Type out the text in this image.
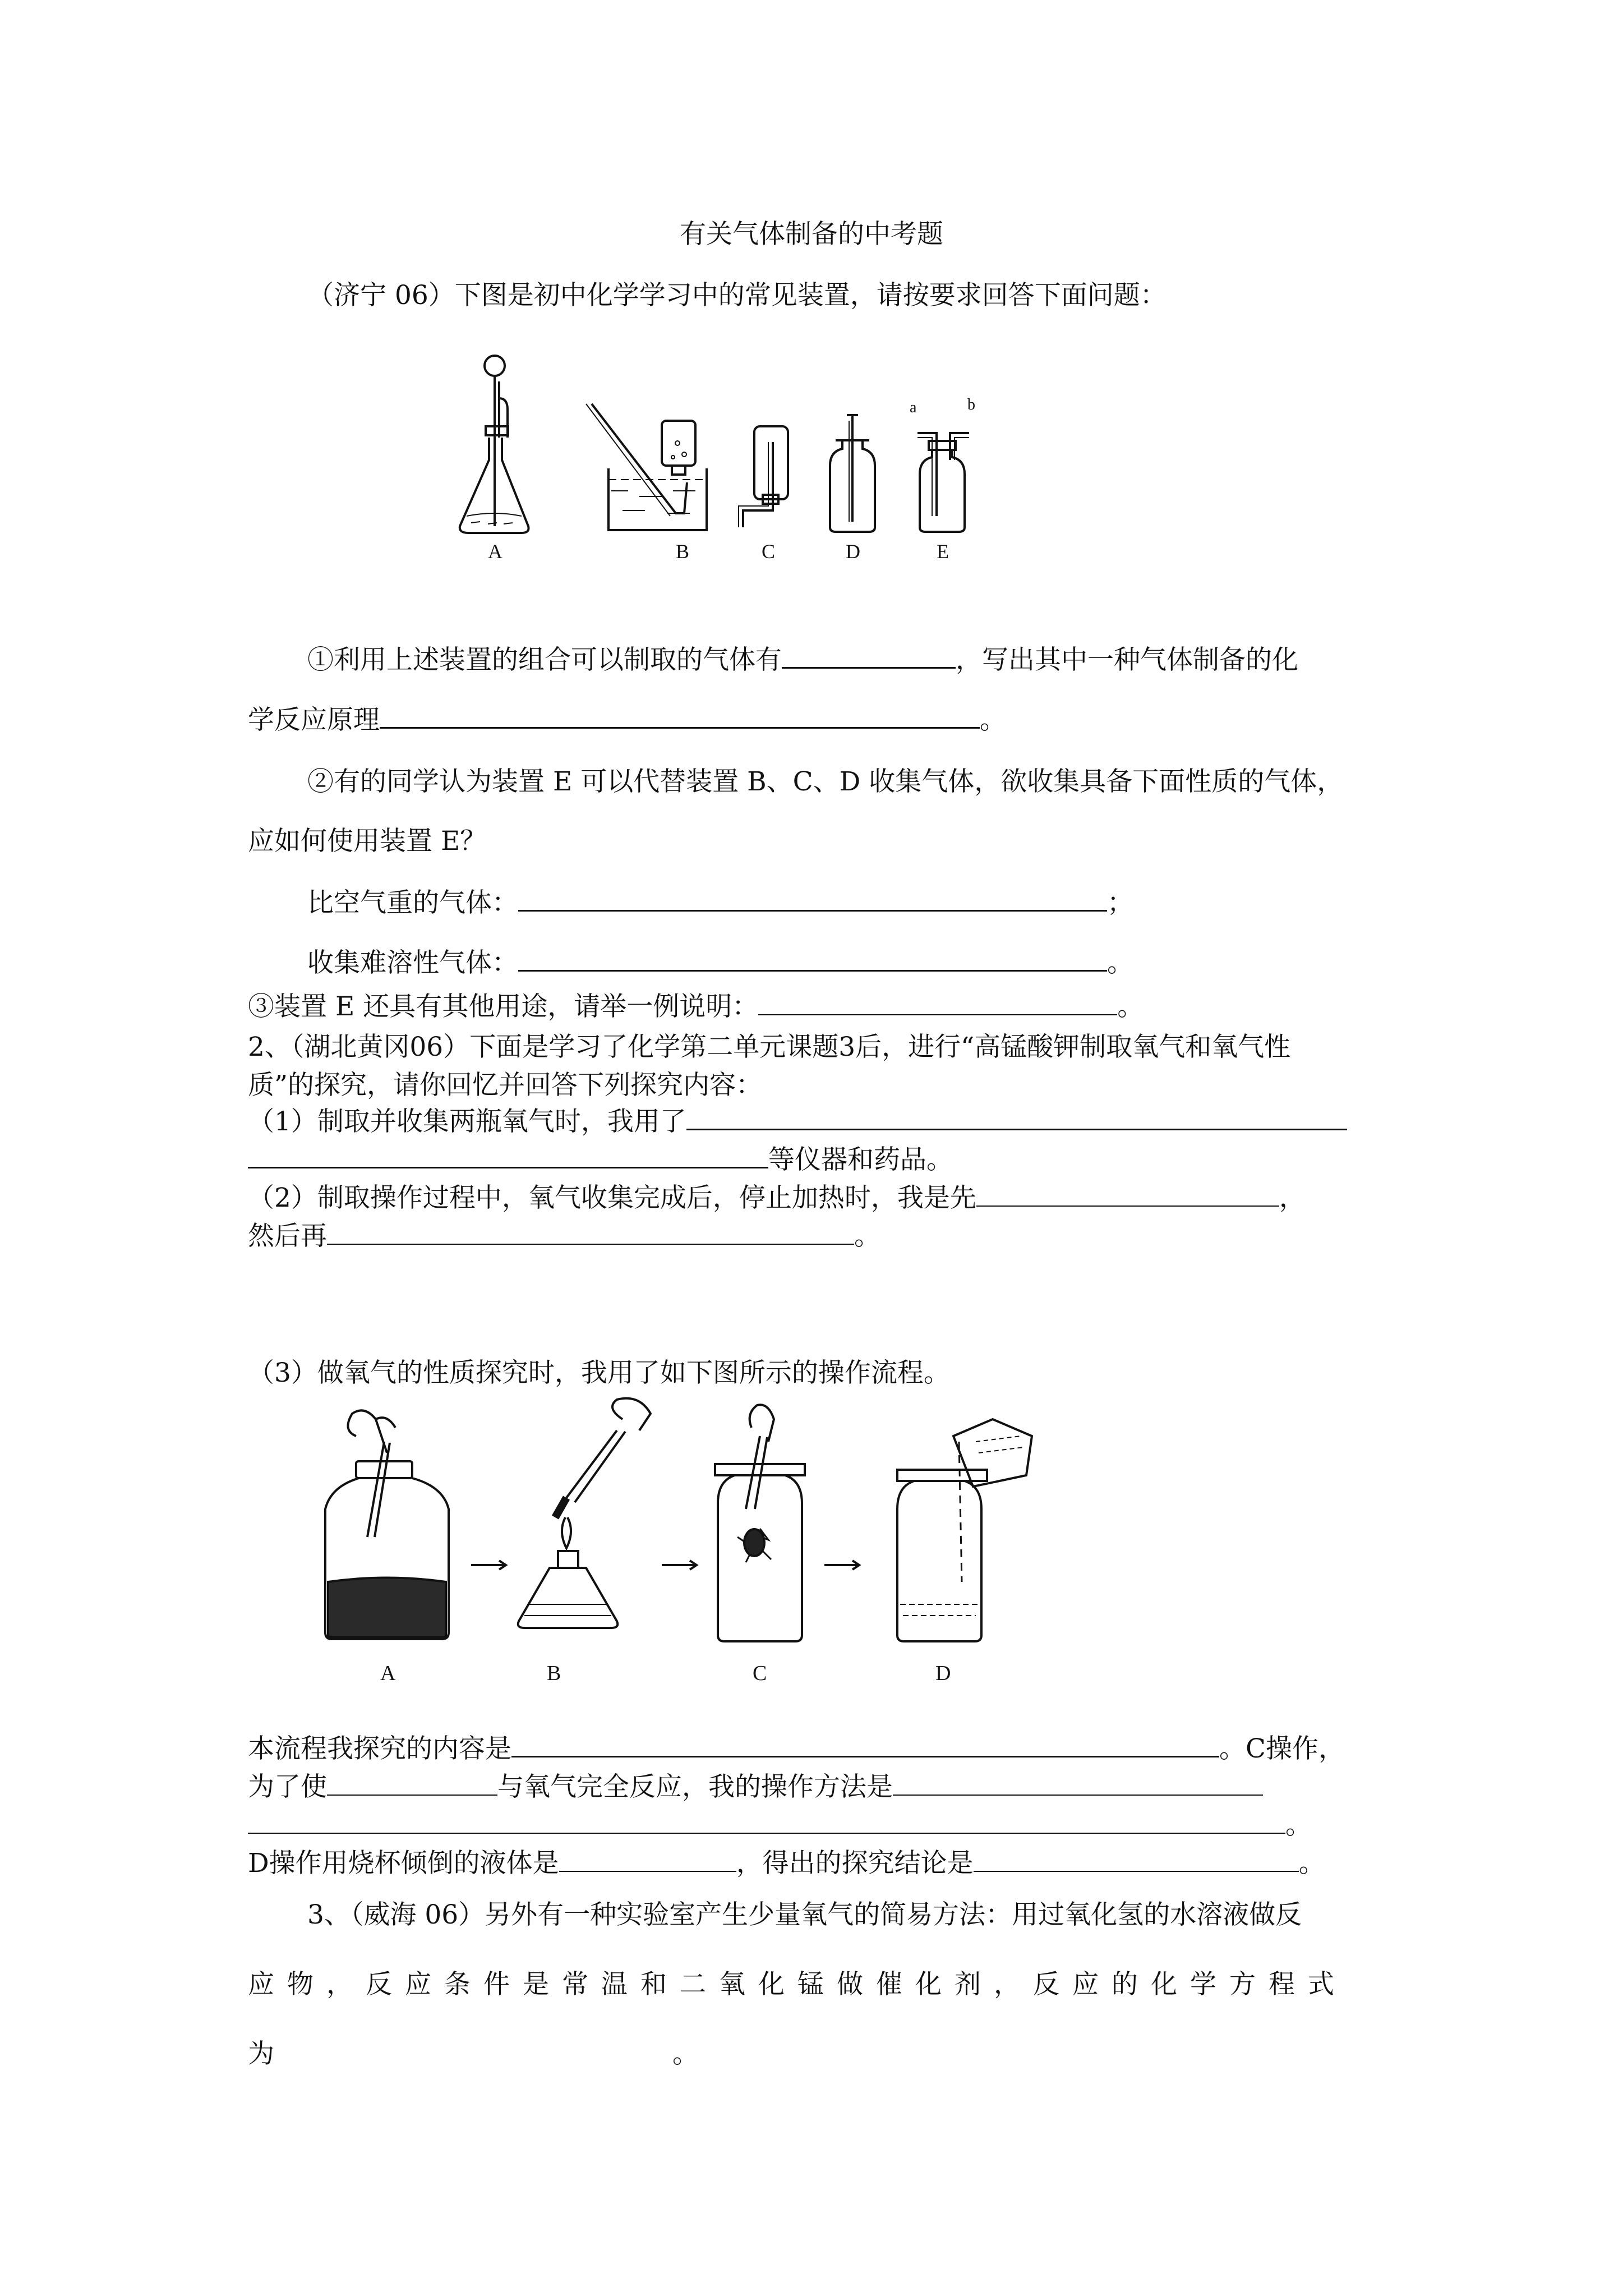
有关气体制备的中考题
（济宁 06）下图是初中化学学习中的常见装置，请按要求回答下面问题：
A	B	C	D	E
a	b
①利用上述装置的组合可以制取的气体有	，写出其中一种气体制备的化
学反应原理	。
②有的同学认为装置 E 可以代替装置 B、C、D 收集气体，欲收集具备下面性质的气体，
应如何使用装置 E？
比空气重的气体：	；
收集难溶性气体：	。
③装置 E 还具有其他用途，请举一例说明：	。
2、（湖北黄冈06）下面是学习了化学第二单元课题3后，进行“高锰酸钾制取氧气和氧气性
质”的探究，请你回忆并回答下列探究内容：
（1）制取并收集两瓶氧气时，我用了
等仪器和药品。
（2）制取操作过程中，氧气收集完成后，停止加热时，我是先	，
然后再	。
（3）做氧气的性质探究时，我用了如下图所示的操作流程。
A	B	C	D
本流程我探究的内容是	。C操作，
为了使	与氧气完全反应，我的操作方法是
。
D操作用烧杯倾倒的液体是	，得出的探究结论是	。
3、（威海 06）另外有一种实验室产生少量氧气的简易方法：用过氧化氢的水溶液做反
应物，反应条件是常温和二氧化锰做催化剂，反应的化学方程式
为	。
